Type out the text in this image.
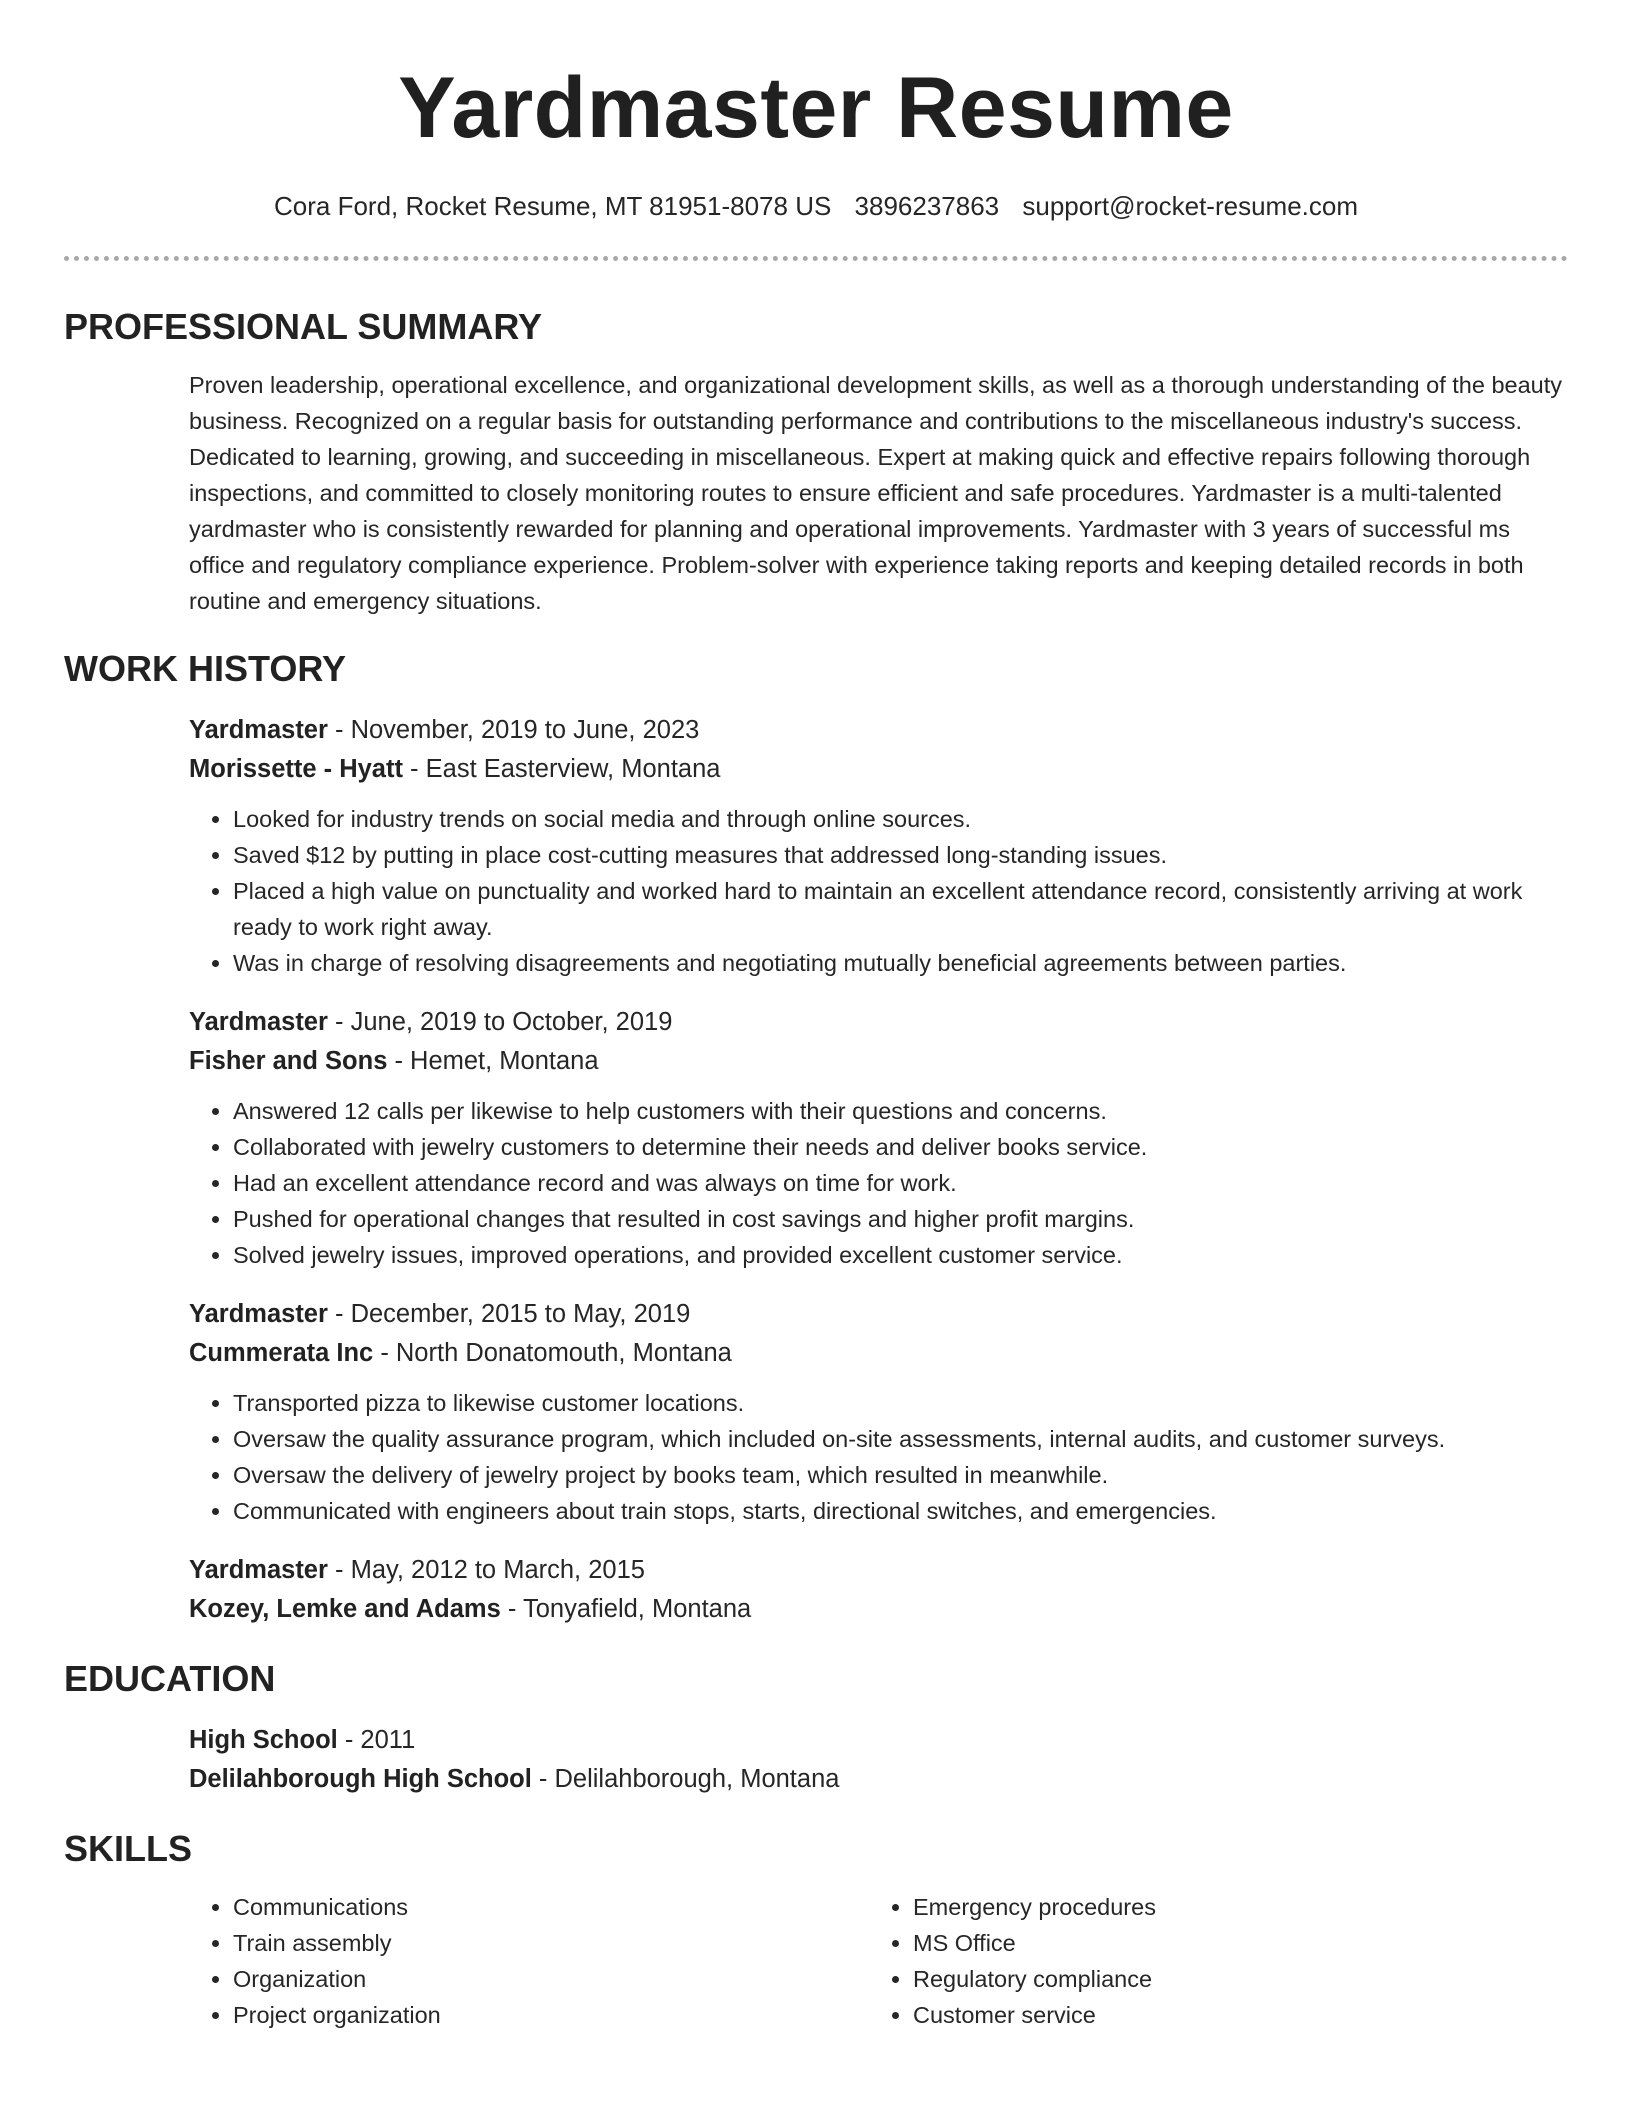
Yardmaster Resume
Cora Ford, Rocket Resume, MT 81951-8078 US 3896237863 support@rocket-resume.com
PROFESSIONAL SUMMARY

Proven leadership, operational excellence, and organizational development skills, as well as a thorough understanding of the beauty business. Recognized on a regular basis for outstanding performance and contributions to the miscellaneous industry's success. Dedicated to learning, growing, and succeeding in miscellaneous. Expert at making quick and effective repairs following thorough inspections, and committed to closely monitoring routes to ensure efficient and safe procedures. Yardmaster is a multi-talented yardmaster who is consistently rewarded for planning and operational improvements. Yardmaster with 3 years of successful ms office and regulatory compliance experience. Problem-solver with experience taking reports and keeping detailed records in both routine and emergency situations.

WORK HISTORY
Yardmaster - November, 2019 to June, 2023
Morissette - Hyatt - East Easterview, Montana
• Looked for industry trends on social media and through online sources.
• Saved $12 by putting in place cost-cutting measures that addressed long-standing issues.
• Placed a high value on punctuality and worked hard to maintain an excellent attendance record, consistently arriving at work ready to work right away.
• Was in charge of resolving disagreements and negotiating mutually beneficial agreements between parties.
Yardmaster - June, 2019 to October, 2019
Fisher and Sons - Hemet, Montana
• Answered 12 calls per likewise to help customers with their questions and concerns.
• Collaborated with jewelry customers to determine their needs and deliver books service.
• Had an excellent attendance record and was always on time for work.
• Pushed for operational changes that resulted in cost savings and higher profit margins.
• Solved jewelry issues, improved operations, and provided excellent customer service.
Yardmaster - December, 2015 to May, 2019
Cummerata Inc - North Donatomouth, Montana
• Transported pizza to likewise customer locations.
• Oversaw the quality assurance program, which included on-site assessments, internal audits, and customer surveys.
• Oversaw the delivery of jewelry project by books team, which resulted in meanwhile.
• Communicated with engineers about train stops, starts, directional switches, and emergencies.
Yardmaster - May, 2012 to March, 2015
Kozey, Lemke and Adams - Tonyafield, Montana
EDUCATION
High School - 2011
Delilahborough High School - Delilahborough, Montana
SKILLS
• Communications
• Train assembly
• Organization
• Project organization
• Emergency procedures
• MS Office
• Regulatory compliance
• Customer service
